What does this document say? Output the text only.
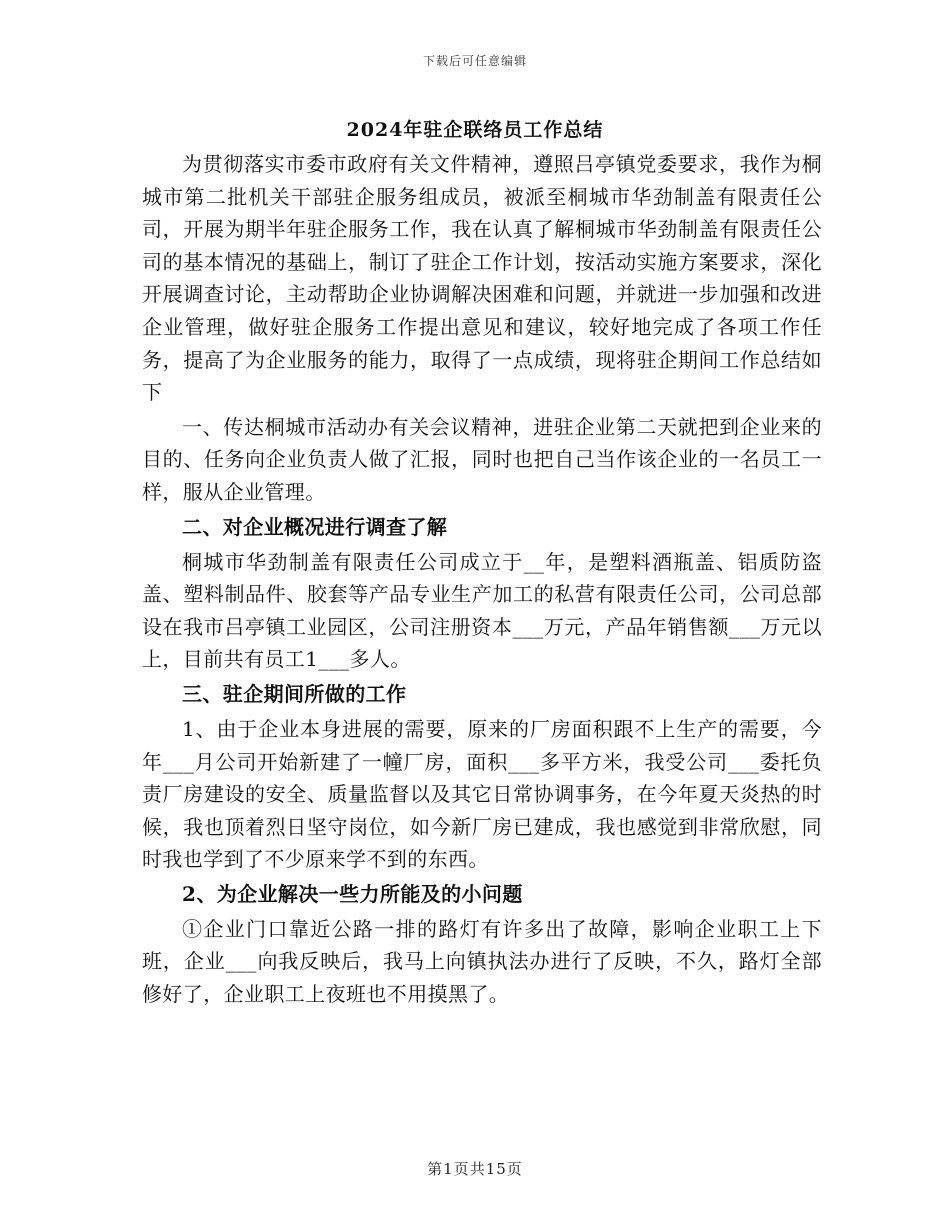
下载后可任意编辑
2024年驻企联络员工作总结

为贯彻落实市委市政府有关文件精神，遵照吕亭镇党委要求，我作为桐城市第二批机关干部驻企服务组成员，被派至桐城市华劲制盖有限责任公司，开展为期半年驻企服务工作，我在认真了解桐城市华劲制盖有限责任公司的基本情况的基础上，制订了驻企工作计划，按活动实施方案要求，深化开展调查讨论，主动帮助企业协调解决困难和问题，并就进一步加强和改进企业管理，做好驻企服务工作提出意见和建议，较好地完成了各项工作任务，提高了为企业服务的能力，取得了一点成绩，现将驻企期间工作总结如下

一、传达桐城市活动办有关会议精神，进驻企业第二天就把到企业来的目的、任务向企业负责人做了汇报，同时也把自己当作该企业的一名员工一样，服从企业管理。

二、对企业概况进行调查了解

桐城市华劲制盖有限责任公司成立于__年，是塑料酒瓶盖、铝质防盗盖、塑料制品件、胶套等产品专业生产加工的私营有限责任公司，公司总部设在我市吕亭镇工业园区，公司注册资本___万元，产品年销售额___万元以上，目前共有员工1___多人。

三、驻企期间所做的工作

1、由于企业本身进展的需要，原来的厂房面积跟不上生产的需要，今年___月公司开始新建了一幢厂房，面积___多平方米，我受公司___委托负责厂房建设的安全、质量监督以及其它日常协调事务，在今年夏天炎热的时候，我也顶着烈日坚守岗位，如今新厂房已建成，我也感觉到非常欣慰，同时我也学到了不少原来学不到的东西。

2、为企业解决一些力所能及的小问题

①企业门口靠近公路一排的路灯有许多出了故障，影响企业职工上下班，企业___向我反映后，我马上向镇执法办进行了反映，不久，路灯全部修好了，企业职工上夜班也不用摸黑了。

第1页共15页
